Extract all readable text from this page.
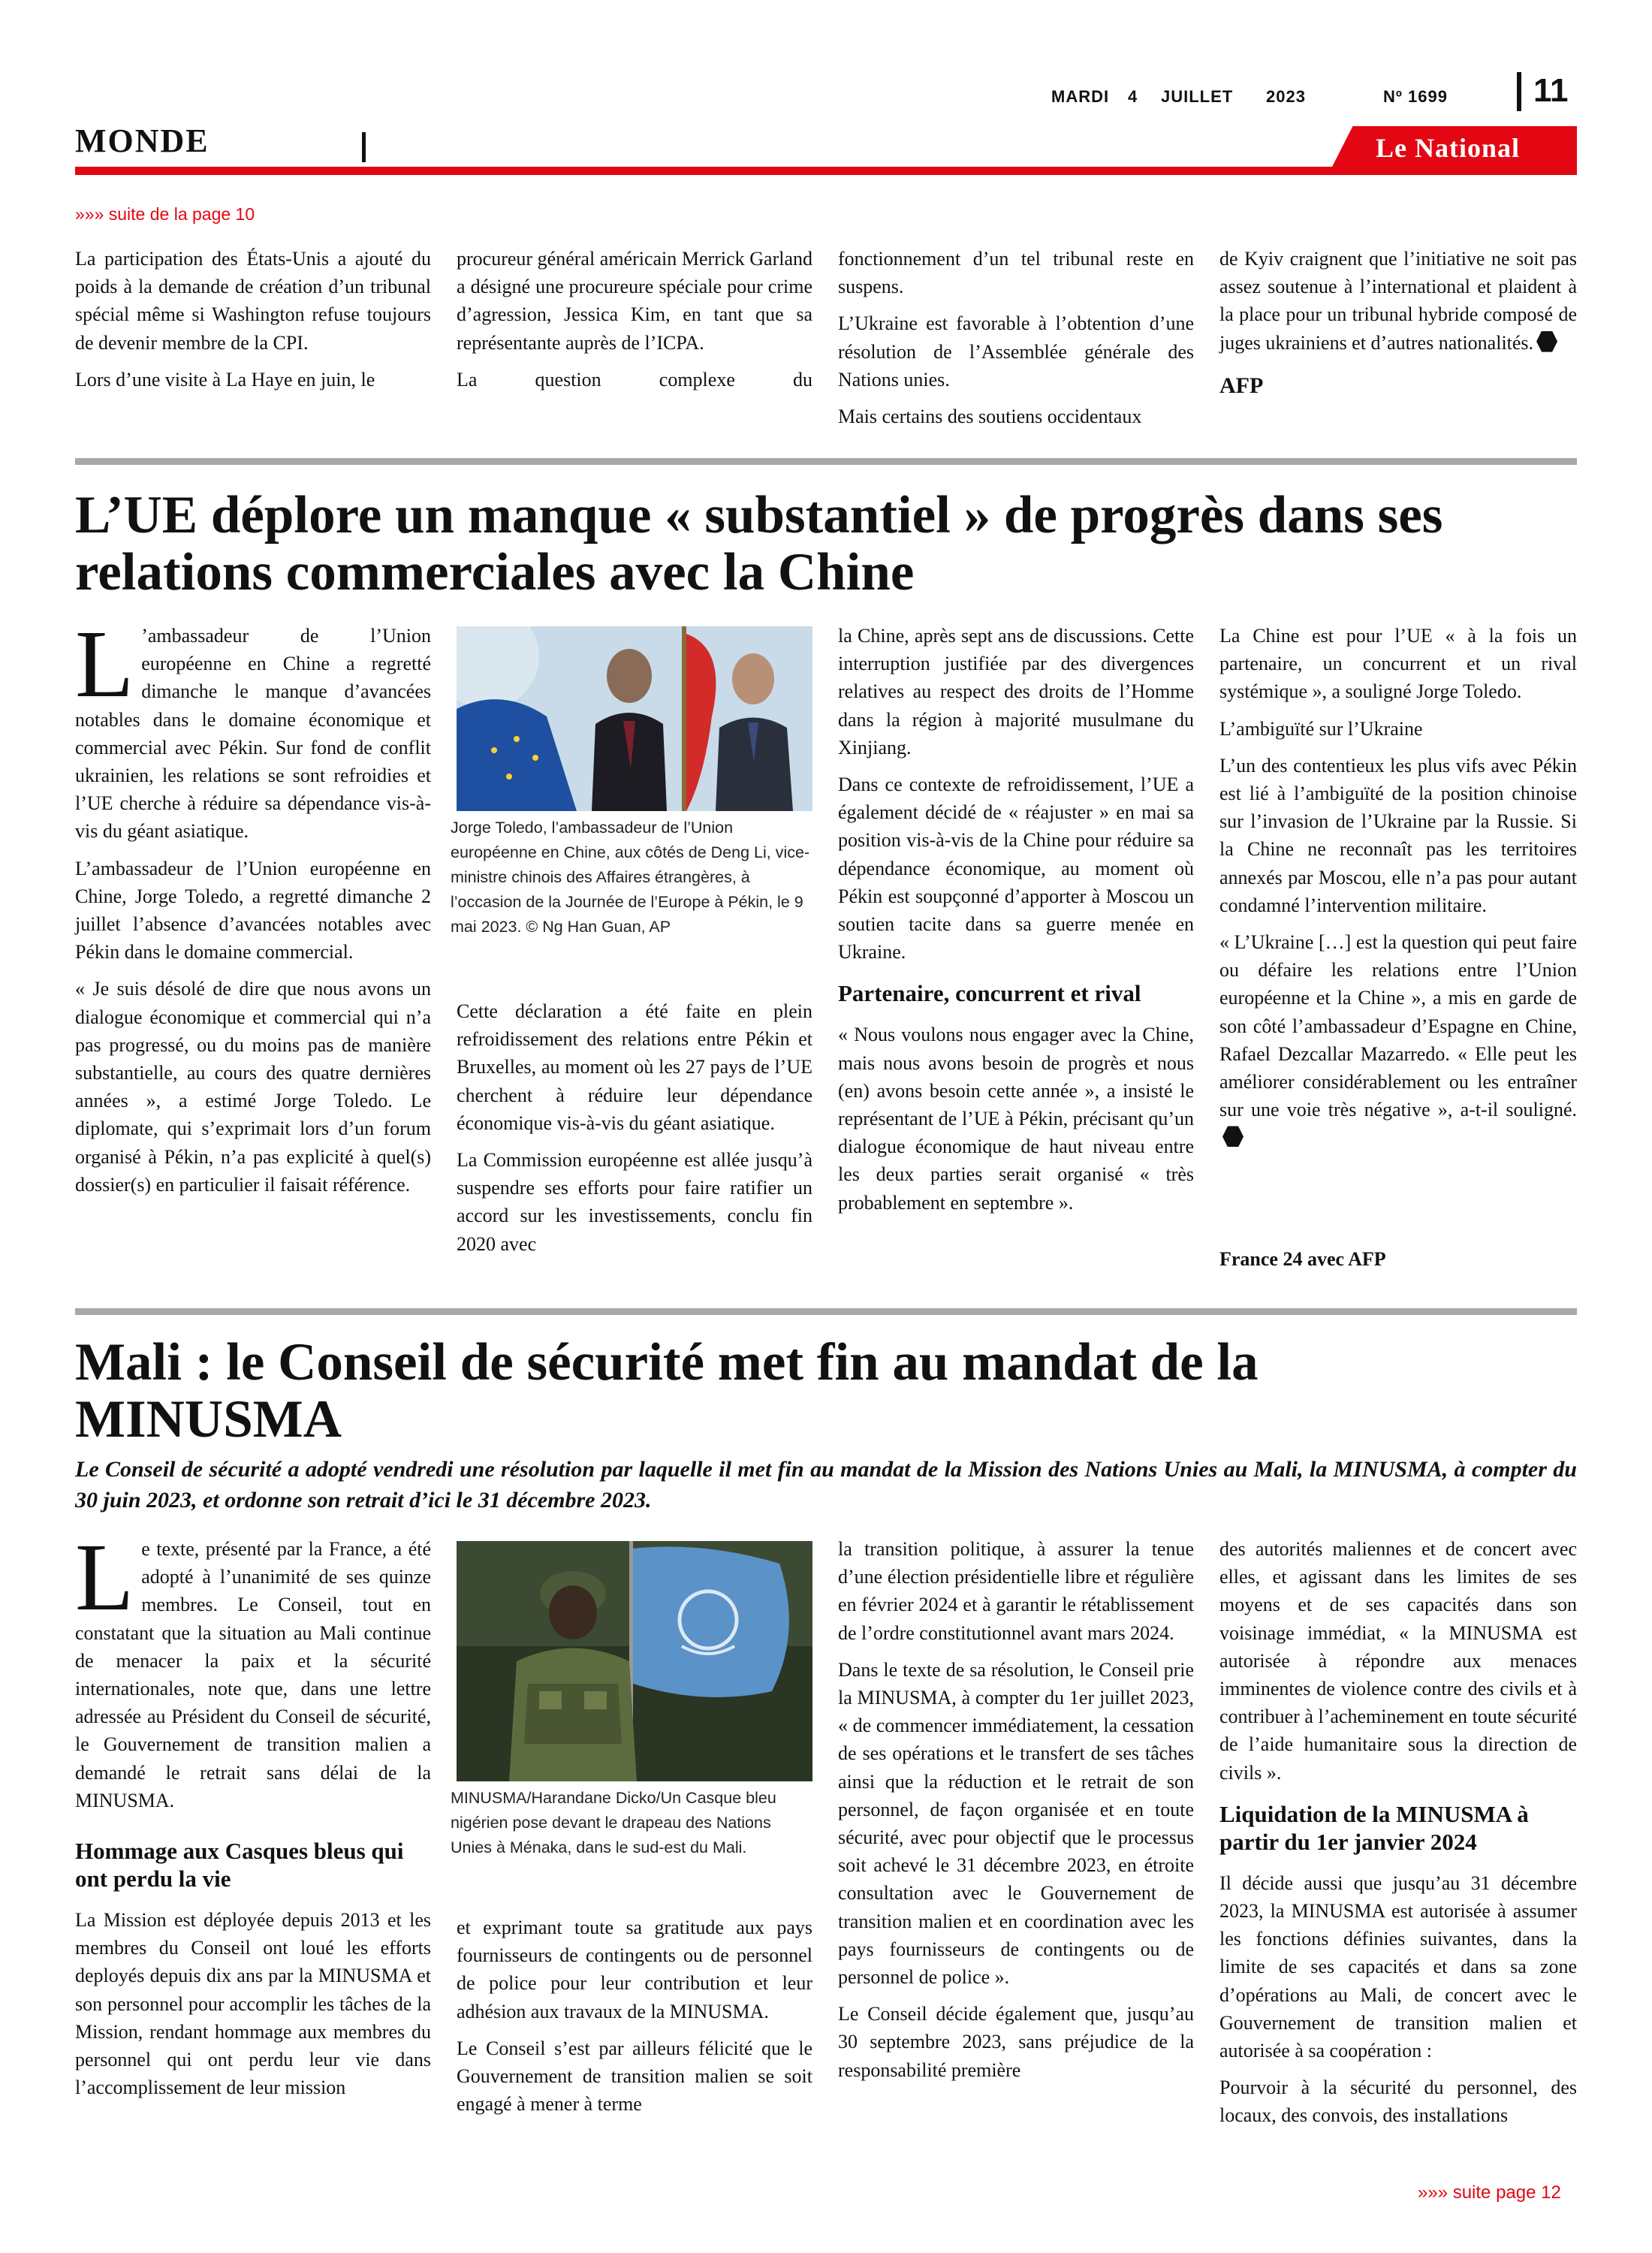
MARDI 4 JUILLET 2023	Nº 1699	11
MONDE	Le National
»»» suite de la page 10

La participation des États-Unis a ajouté du poids à la demande de création d’un tribunal spécial même si Washington refuse toujours de devenir membre de la CPI.

Lors d’une visite à La Haye en juin, le

procureur général américain Merrick Garland a désigné une procureure spéciale pour crime d’agression, Jessica Kim, en tant que sa représentante auprès de l’ICPA.

La question complexe du

fonctionnement d’un tel tribunal reste en suspens.

L’Ukraine est favorable à l’obtention d’une résolution de l’Assemblée générale des Nations unies.

Mais certains des soutiens occidentaux

de Kyiv craignent que l’initiative ne soit pas assez soutenue à l’international et plaident à la place pour un tribunal hybride composé de juges ukrainiens et d’autres nationalités.

AFP

L’UE déplore un manque « substantiel » de progrès dans ses relations commerciales avec la Chine

L ’ambassadeur de l’Union européenne en Chine a regretté dimanche le manque d’avancées notables dans le domaine économique et commercial avec Pékin. Sur fond de conflit ukrainien, les relations se sont refroidies et l’UE cherche à réduire sa dépendance vis-à-vis du géant asiatique.

L’ambassadeur de l’Union européenne en Chine, Jorge Toledo, a regretté dimanche 2 juillet l’absence d’avancées notables avec Pékin dans le domaine commercial.

« Je suis désolé de dire que nous avons un dialogue économique et commercial qui n’a pas progressé, ou du moins pas de manière substantielle, au cours des quatre dernières années », a estimé Jorge Toledo. Le diplomate, qui s’exprimait lors d’un forum organisé à Pékin, n’a pas explicité à quel(s) dossier(s) en particulier il faisait référence.

Jorge Toledo, l’ambassadeur de l’Union européenne en Chine, aux côtés de Deng Li, vice-ministre chinois des Affaires étrangères, à l’occasion de la Journée de l’Europe à Pékin, le 9 mai 2023. © Ng Han Guan, AP

Cette déclaration a été faite en plein refroidissement des relations entre Pékin et Bruxelles, au moment où les 27 pays de l’UE cherchent à réduire leur dépendance économique vis-à-vis du géant asiatique.

La Commission européenne est allée jusqu’à suspendre ses efforts pour faire ratifier un accord sur les investissements, conclu fin 2020 avec

la Chine, après sept ans de discussions. Cette interruption justifiée par des divergences relatives au respect des droits de l’Homme dans la région à majorité musulmane du Xinjiang.

Dans ce contexte de refroidissement, l’UE a également décidé de « réajuster » en mai sa position vis-à-vis de la Chine pour réduire sa dépendance économique, au moment où Pékin est soupçonné d’apporter à Moscou un soutien tacite dans sa guerre menée en Ukraine.

Partenaire, concurrent et rival

« Nous voulons nous engager avec la Chine, mais nous avons besoin de progrès et nous (en) avons besoin cette année », a insisté le représentant de l’UE à Pékin, précisant qu’un dialogue économique de haut niveau entre les deux parties serait organisé « très probablement en septembre ».

La Chine est pour l’UE « à la fois un partenaire, un concurrent et un rival systémique », a souligné Jorge Toledo.

L’ambiguïté sur l’Ukraine

L’un des contentieux les plus vifs avec Pékin est lié à l’ambiguïté de la position chinoise sur l’invasion de l’Ukraine par la Russie. Si la Chine ne reconnaît pas les territoires annexés par Moscou, elle n’a pas pour autant condamné l’intervention militaire.

« L’Ukraine […] est la question qui peut faire ou défaire les relations entre l’Union européenne et la Chine », a mis en garde de son côté l’ambassadeur d’Espagne en Chine, Rafael Dezcallar Mazarredo. « Elle peut les améliorer considérablement ou les entraîner sur une voie très négative », a-t-il souligné.

France 24 avec AFP
Mali : le Conseil de sécurité met fin au mandat de la MINUSMA
Le Conseil de sécurité a adopté vendredi une résolution par laquelle il met fin au mandat de la Mission des Nations Unies au Mali, la MINUSMA, à compter du 30 juin 2023, et ordonne son retrait d’ici le 31 décembre 2023.

Le texte, présenté par la France, a été adopté à l’unanimité de ses quinze membres. Le Conseil, tout en constatant que la situation au Mali continue de menacer la paix et la sécurité internationales, note que, dans une lettre adressée au Président du Conseil de sécurité, le Gouvernement de transition malien a demandé le retrait sans délai de la MINUSMA.

Hommage aux Casques bleus qui ont perdu la vie

La Mission est déployée depuis 2013 et les membres du Conseil ont loué les efforts deployés depuis dix ans par la MINUSMA et son personnel pour accomplir les tâches de la Mission, rendant hommage aux membres du personnel qui ont perdu leur vie dans l’accomplissement de leur mission

MINUSMA/Harandane Dicko/Un Casque bleu nigérien pose devant le drapeau des Nations Unies à Ménaka, dans le sud-est du Mali.

et exprimant toute sa gratitude aux pays fournisseurs de contingents ou de personnel de police pour leur contribution et leur adhésion aux travaux de la MINUSMA.

Le Conseil s’est par ailleurs félicité que le Gouvernement de transition malien se soit engagé à mener à terme

la transition politique, à assurer la tenue d’une élection présidentielle libre et régulière en février 2024 et à garantir le rétablissement de l’ordre constitutionnel avant mars 2024.

Dans le texte de sa résolution, le Conseil prie la MINUSMA, à compter du 1er juillet 2023, « de commencer immédiatement, la cessation de ses opérations et le transfert de ses tâches ainsi que la réduction et le retrait de son personnel, de façon organisée et en toute sécurité, avec pour objectif que le processus soit achevé le 31 décembre 2023, en étroite consultation avec le Gouvernement de transition malien et en coordination avec les pays fournisseurs de contingents ou de personnel de police ».

Le Conseil décide également que, jusqu’au 30 septembre 2023, sans préjudice de la responsabilité première

des autorités maliennes et de concert avec elles, et agissant dans les limites de ses moyens et de ses capacités dans son voisinage immédiat, « la MINUSMA est autorisée à répondre aux menaces imminentes de violence contre des civils et à contribuer à l’acheminement en toute sécurité de l’aide humanitaire sous la direction de civils ».

Liquidation de la MINUSMA à partir du 1er janvier 2024

Il décide aussi que jusqu’au 31 décembre 2023, la MINUSMA est autorisée à assumer les fonctions définies suivantes, dans la limite de ses capacités et dans sa zone d’opérations au Mali, de concert avec le Gouvernement de transition malien et autorisée à sa coopération :

Pourvoir à la sécurité du personnel, des locaux, des convois, des installations

»»» suite page 12
